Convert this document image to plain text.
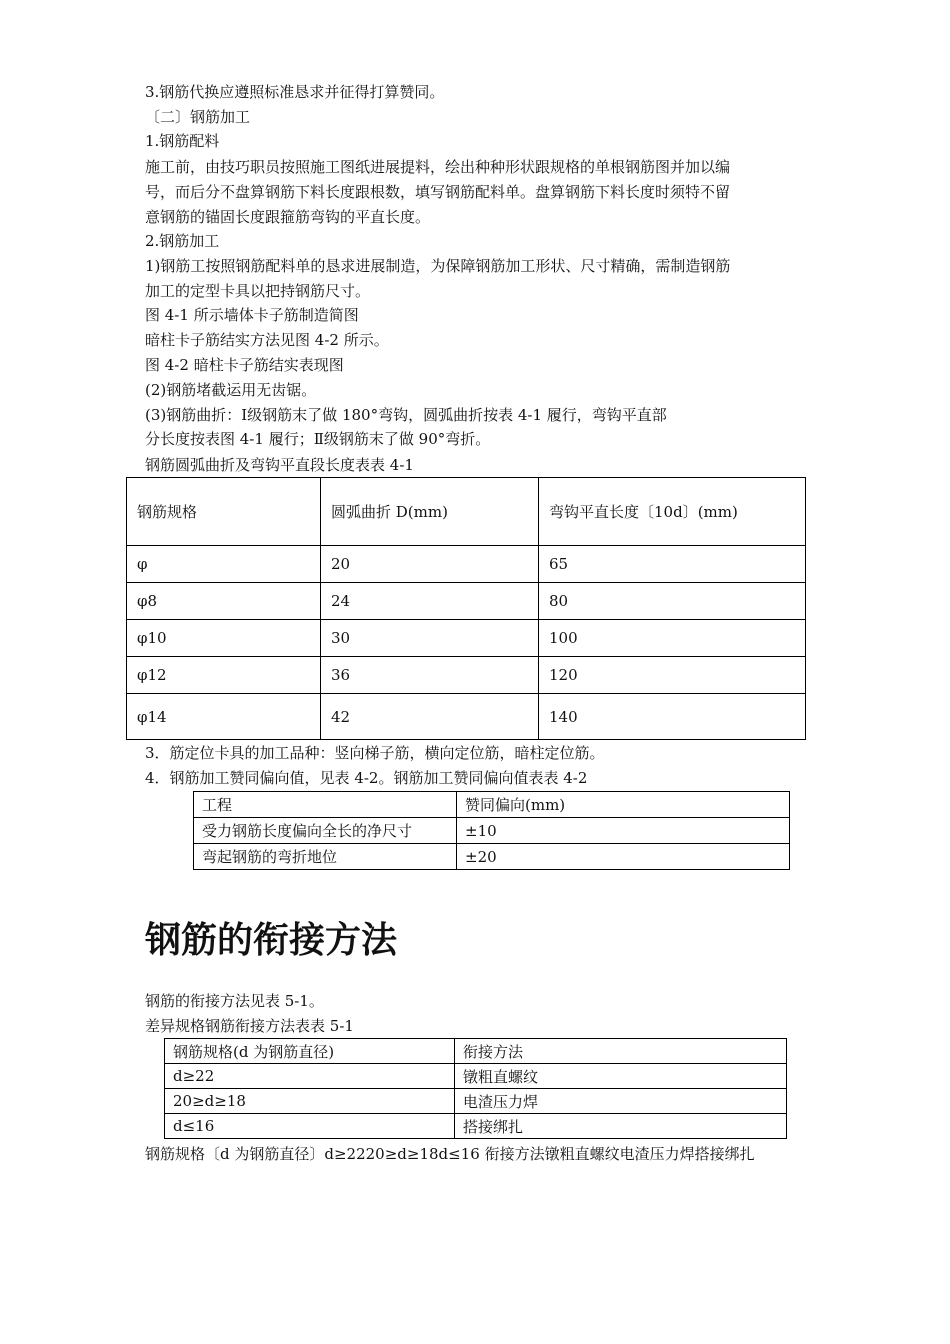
3.钢筋代换应遵照标准恳求并征得打算赞同。
〔二〕钢筋加工
1.钢筋配料
施工前，由技巧职员按照施工图纸进展提料，绘出种种形状跟规格的单根钢筋图并加以编
号，而后分不盘算钢筋下料长度跟根数，填写钢筋配料单。盘算钢筋下料长度时须特不留
意钢筋的锚固长度跟箍筋弯钩的平直长度。
2.钢筋加工
1)钢筋工按照钢筋配料单的恳求进展制造，为保障钢筋加工形状、尺寸精确，需制造钢筋
加工的定型卡具以把持钢筋尺寸。
图 4-1 所示墙体卡子筋制造简图
暗柱卡子筋结实方法见图 4-2 所示。
图 4-2 暗柱卡子筋结实表现图
(2)钢筋堵截运用无齿锯。
(3)钢筋曲折：Ⅰ级钢筋末了做 180°弯钩，圆弧曲折按表 4-1 履行，弯钩平直部
分长度按表图 4-1 履行；Ⅱ级钢筋末了做 90°弯折。
钢筋圆弧曲折及弯钩平直段长度表表 4-1
钢筋规格	圆弧曲折 D(mm)	弯钩平直长度〔10d〕(mm)
φ	20	65
φ8	24	80
φ10	30	100
φ12	36	120
φ14	42	140
3．筋定位卡具的加工品种：竖向梯子筋，横向定位筋，暗柱定位筋。
4．钢筋加工赞同偏向值，见表 4-2。钢筋加工赞同偏向值表表 4-2
工程	赞同偏向(mm)
受力钢筋长度偏向全长的净尺寸	±10
弯起钢筋的弯折地位	±20
钢筋的衔接方法
钢筋的衔接方法见表 5-1。
差异规格钢筋衔接方法表表 5-1
钢筋规格(d 为钢筋直径)	衔接方法
d≥22	镦粗直螺纹
20≥d≥18	电渣压力焊
d≤16	搭接绑扎
钢筋规格〔d 为钢筋直径〕d≥2220≥d≥18d≤16 衔接方法镦粗直螺纹电渣压力焊搭接绑扎
